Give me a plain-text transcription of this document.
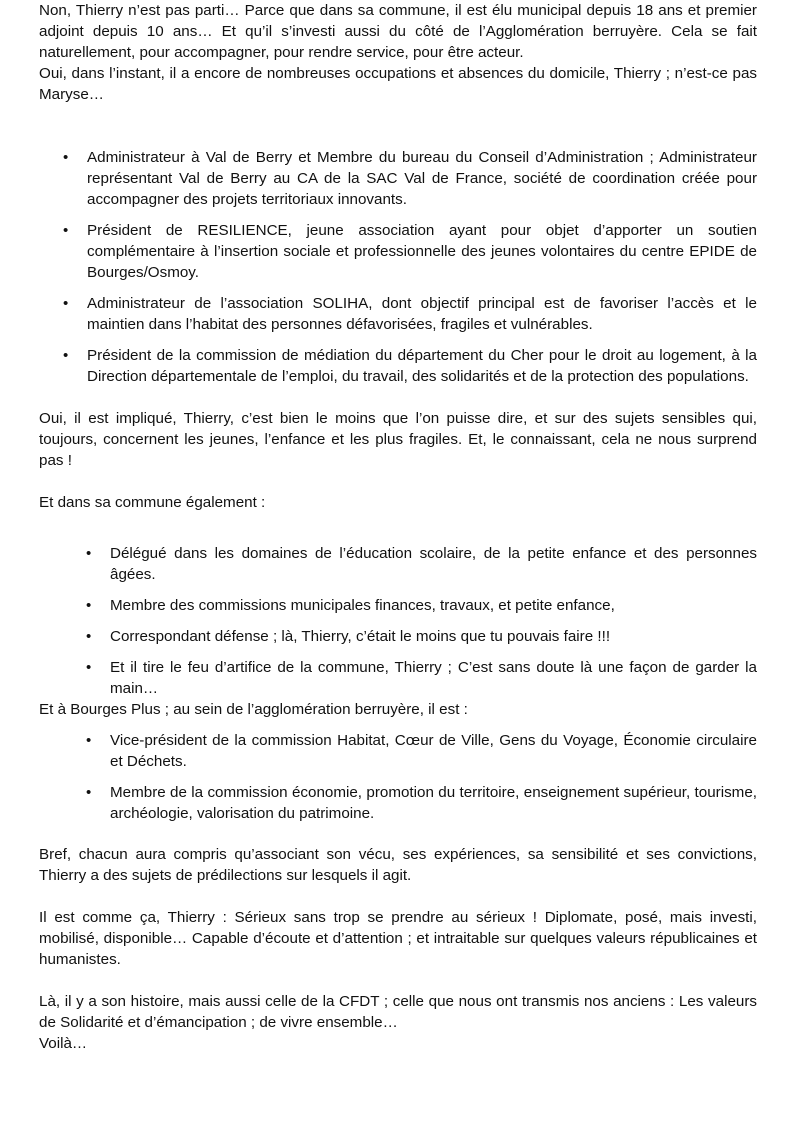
Non, Thierry n’est pas parti… Parce que dans sa commune, il est élu municipal depuis 18 ans et premier adjoint depuis 10 ans… Et qu’il s’investi aussi du côté de l’Agglomération berruyère. Cela se fait naturellement, pour accompagner, pour rendre service, pour être acteur.

Oui, dans l’instant, il a encore de nombreuses occupations et absences du domicile, Thierry ; n’est-ce pas Maryse…

• Administrateur à Val de Berry et Membre du bureau du Conseil d’Administration ; Administrateur représentant Val de Berry au CA de la SAC Val de France, société de coordination créée pour accompagner des projets territoriaux innovants.
• Président de RESILIENCE, jeune association ayant pour objet d’apporter un soutien complémentaire à l’insertion sociale et professionnelle des jeunes volontaires du centre EPIDE de Bourges/Osmoy.
• Administrateur de l’association SOLIHA, dont objectif principal est de favoriser l’accès et le maintien dans l’habitat des personnes défavorisées, fragiles et vulnérables.
• Président de la commission de médiation du département du Cher pour le droit au logement, à la Direction départementale de l’emploi, du travail, des solidarités et de la protection des populations.

Oui, il est impliqué, Thierry, c’est bien le moins que l’on puisse dire, et sur des sujets sensibles qui, toujours, concernent les jeunes, l’enfance et les plus fragiles. Et, le connaissant, cela ne nous surprend pas !

Et dans sa commune également :

• Délégué dans les domaines de l’éducation scolaire, de la petite enfance et des personnes âgées.
• Membre des commissions municipales finances, travaux, et petite enfance,
• Correspondant défense ; là, Thierry, c’était le moins que tu pouvais faire !!!
• Et il tire le feu d’artifice de la commune, Thierry ; C’est sans doute là une façon de garder la main…

Et à Bourges Plus ; au sein de l’agglomération berruyère, il est :

• Vice-président de la commission Habitat, Cœur de Ville, Gens du Voyage, Économie circulaire et Déchets.
• Membre de la commission économie, promotion du territoire, enseignement supérieur, tourisme, archéologie, valorisation du patrimoine.

Bref, chacun aura compris qu’associant son vécu, ses expériences, sa sensibilité et ses convictions, Thierry a des sujets de prédilections sur lesquels il agit.

Il est comme ça, Thierry : Sérieux sans trop se prendre au sérieux ! Diplomate, posé, mais investi, mobilisé, disponible… Capable d’écoute et d’attention ; et intraitable sur quelques valeurs républicaines et humanistes.

Là, il y a son histoire, mais aussi celle de la CFDT ; celle que nous ont transmis nos anciens : Les valeurs de Solidarité et d’émancipation ; de vivre ensemble…

Voilà…
